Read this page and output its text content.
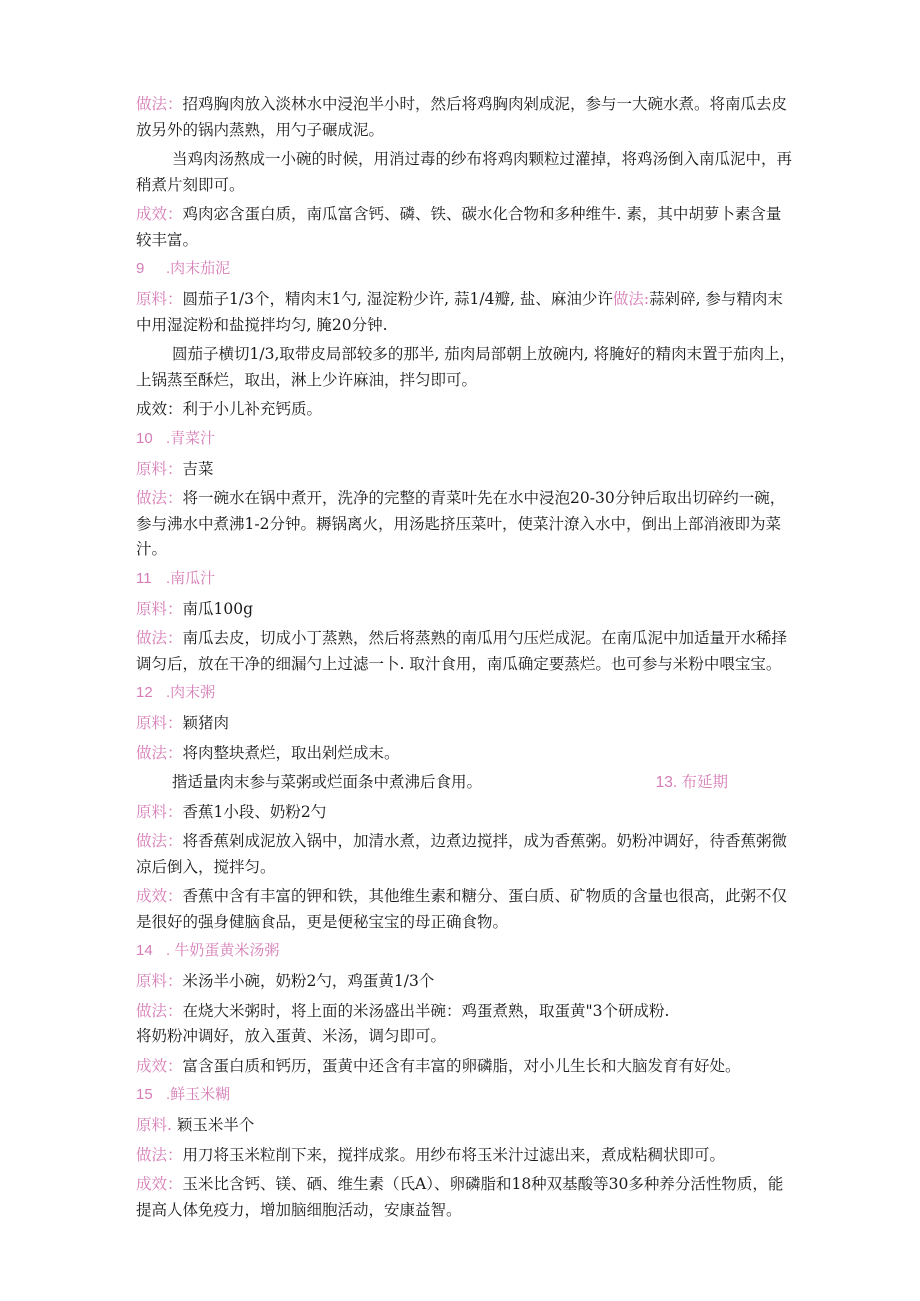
做法：招鸡胸肉放入淡林水中浸泡半小时，然后将鸡胸肉剁成泥，参与一大碗水煮。将南瓜去皮放另外的锅内蒸熟，用勺子碾成泥。

当鸡肉汤熬成一小碗的时候，用消过毒的纱布将鸡肉颗粒过灌掉，将鸡汤倒入南瓜泥中，再稍煮片刻即可。

成效：鸡肉宓含蛋白质，南瓜富含钙、磷、铁、碳水化合物和多种维牛. 素，其中胡萝卜素含量较丰富。

9 .肉末茄泥

原料：圆茄子1/3个，精肉末1勺, 湿淀粉少许, 蒜1/4瓣, 盐、麻油少许做法:蒜剁碎, 参与精肉末中用湿淀粉和盐搅拌均匀, 腌20分钟.

圆茄子横切1/3,取带皮局部较多的那半, 茄肉局部朝上放碗内, 将腌好的精肉末置于茄肉上，上锅蒸至酥烂，取出，淋上少许麻油，拌匀即可。

成效：利于小儿补充钙质。

10 .青菜汁

原料：吉菜

做法：将一碗水在锅中煮开，洗净的完整的青菜叶先在水中浸泡20-30分钟后取出切碎约一碗，参与沸水中煮沸1-2分钟。耨锅离火，用汤匙挤压菜叶，使菜汁潦入水中，倒出上部消液即为菜汁。

11 .南瓜汁

原料：南瓜100g

做法：南瓜去皮，切成小丁蒸熟，然后将蒸熟的南瓜用勺压烂成泥。在南瓜泥中加适量开水稀择调匀后，放在干净的细漏勺上过滤一卜. 取汁食用，南瓜确定要蒸烂。也可参与米粉中喂宝宝。

12 .肉末粥

原料：颖猪肉

做法：将肉整块煮烂，取出剁烂成末。

揩适量肉末参与菜粥或烂面条中煮沸后食用。	13. 布延期

原料：香蕉1小段、奶粉2勺

做法：将香蕉剁成泥放入锅中，加清水煮，边煮边搅拌，成为香蕉粥。奶粉冲调好，待香蕉粥微凉后倒入，搅拌匀。

成效：香蕉中含有丰富的钾和铁，其他维生素和糖分、蛋白质、矿物质的含量也很高，此粥不仅是很好的强身健脑食品，更是便秘宝宝的母正确食物。

14 . 牛奶蛋黄米汤粥

原料：米汤半小碗，奶粉2勺，鸡蛋黄1/3个

做法：在烧大米粥时，将上面的米汤盛出半碗：鸡蛋煮熟，取蛋黄"3个研成粉.

将奶粉冲调好，放入蛋黄、米汤，调匀即可。

成效：富含蛋白质和钙历，蛋黄中还含有丰富的卵磷脂，对小儿生长和大脑发育有好处。

15 .鲜玉米糊

原料. 颖玉米半个

做法：用刀将玉米粒削下来，搅拌成浆。用纱布将玉米汁过滤出来，煮成粘稠状即可。

成效：玉米比含钙、镁、硒、维生素（氏A）、卵磷脂和18种双基酸等30多种养分活性物质，能提高人体免疫力，增加脑细胞活动，安康益智。
